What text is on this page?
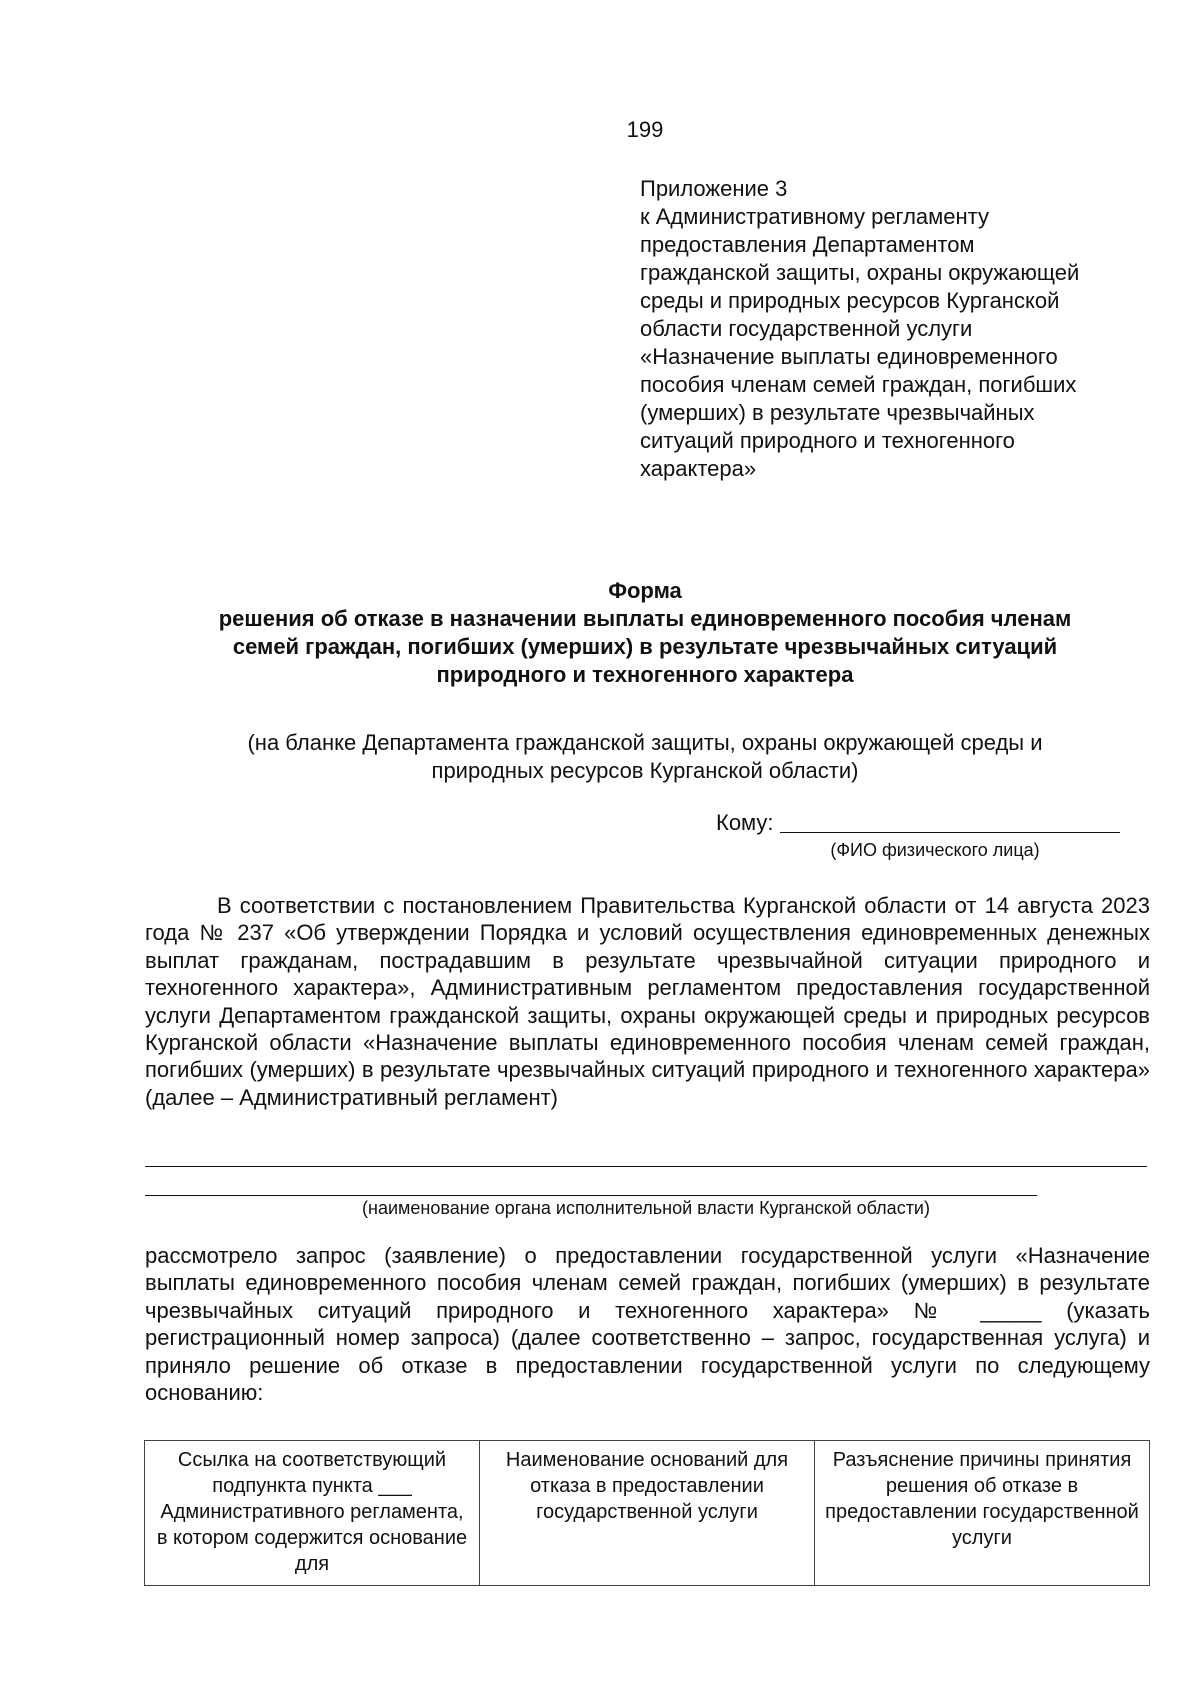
199
Приложение 3
к Административному регламенту
предоставления Департаментом
гражданской защиты, охраны окружающей
среды и природных ресурсов Курганской
области государственной услуги
«Назначение выплаты единовременного
пособия членам семей граждан, погибших
(умерших) в результате чрезвычайных
ситуаций природного и техногенного
характера»
Форма
решения об отказе в назначении выплаты единовременного пособия членам
семей граждан, погибших (умерших) в результате чрезвычайных ситуаций
природного и техногенного характера
(на бланке Департамента гражданской защиты, охраны окружающей среды и
природных ресурсов Курганской области)
Кому:
(ФИО физического лица)
В соответствии с постановлением Правительства Курганской области от 14 августа 2023 года № 237 «Об утверждении Порядка и условий осуществления единовременных денежных выплат гражданам, пострадавшим в результате чрезвычайной ситуации природного и техногенного характера», Административным регламентом предоставления государственной услуги Департаментом гражданской защиты, охраны окружающей среды и природных ресурсов Курганской области «Назначение выплаты единовременного пособия членам семей граждан, погибших (умерших) в результате чрезвычайных ситуаций природного и техногенного характера» (далее – Административный регламент)
(наименование органа исполнительной власти Курганской области)
рассмотрело запрос (заявление) о предоставлении государственной услуги «Назначение выплаты единовременного пособия членам семей граждан, погибших (умерших) в результате чрезвычайных ситуаций природного и техногенного характера» № _____ (указать регистрационный номер запроса) (далее соответственно – запрос, государственная услуга) и приняло решение об отказе в предоставлении государственной услуги по следующему основанию:
Ссылка на соответствующий подпункта пункта ___ Административного регламента, в котором содержится основание для	Наименование оснований для отказа в предоставлении государственной услуги	Разъяснение причины принятия решения об отказе в предоставлении государственной услуги
